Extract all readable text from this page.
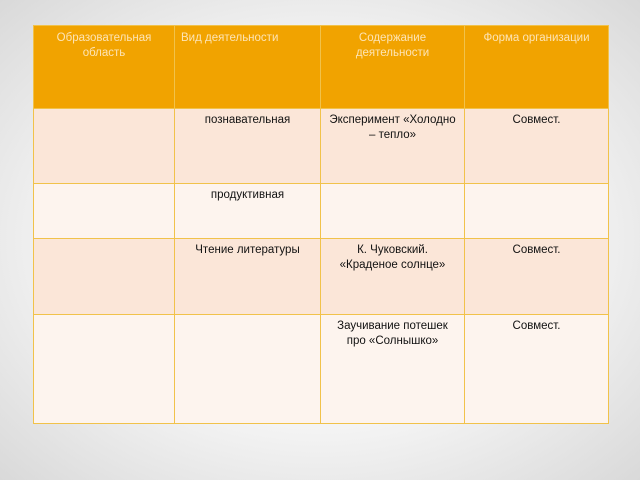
Образовательная область	Вид деятельности	Содержание деятельности	Форма организации
	познавательная	Эксперимент «Холодно – тепло»	Совмест.
	продуктивная		
	Чтение литературы	К. Чуковский. «Краденое солнце»	Совмест.
		Заучивание потешек про «Солнышко»	Совмест.
